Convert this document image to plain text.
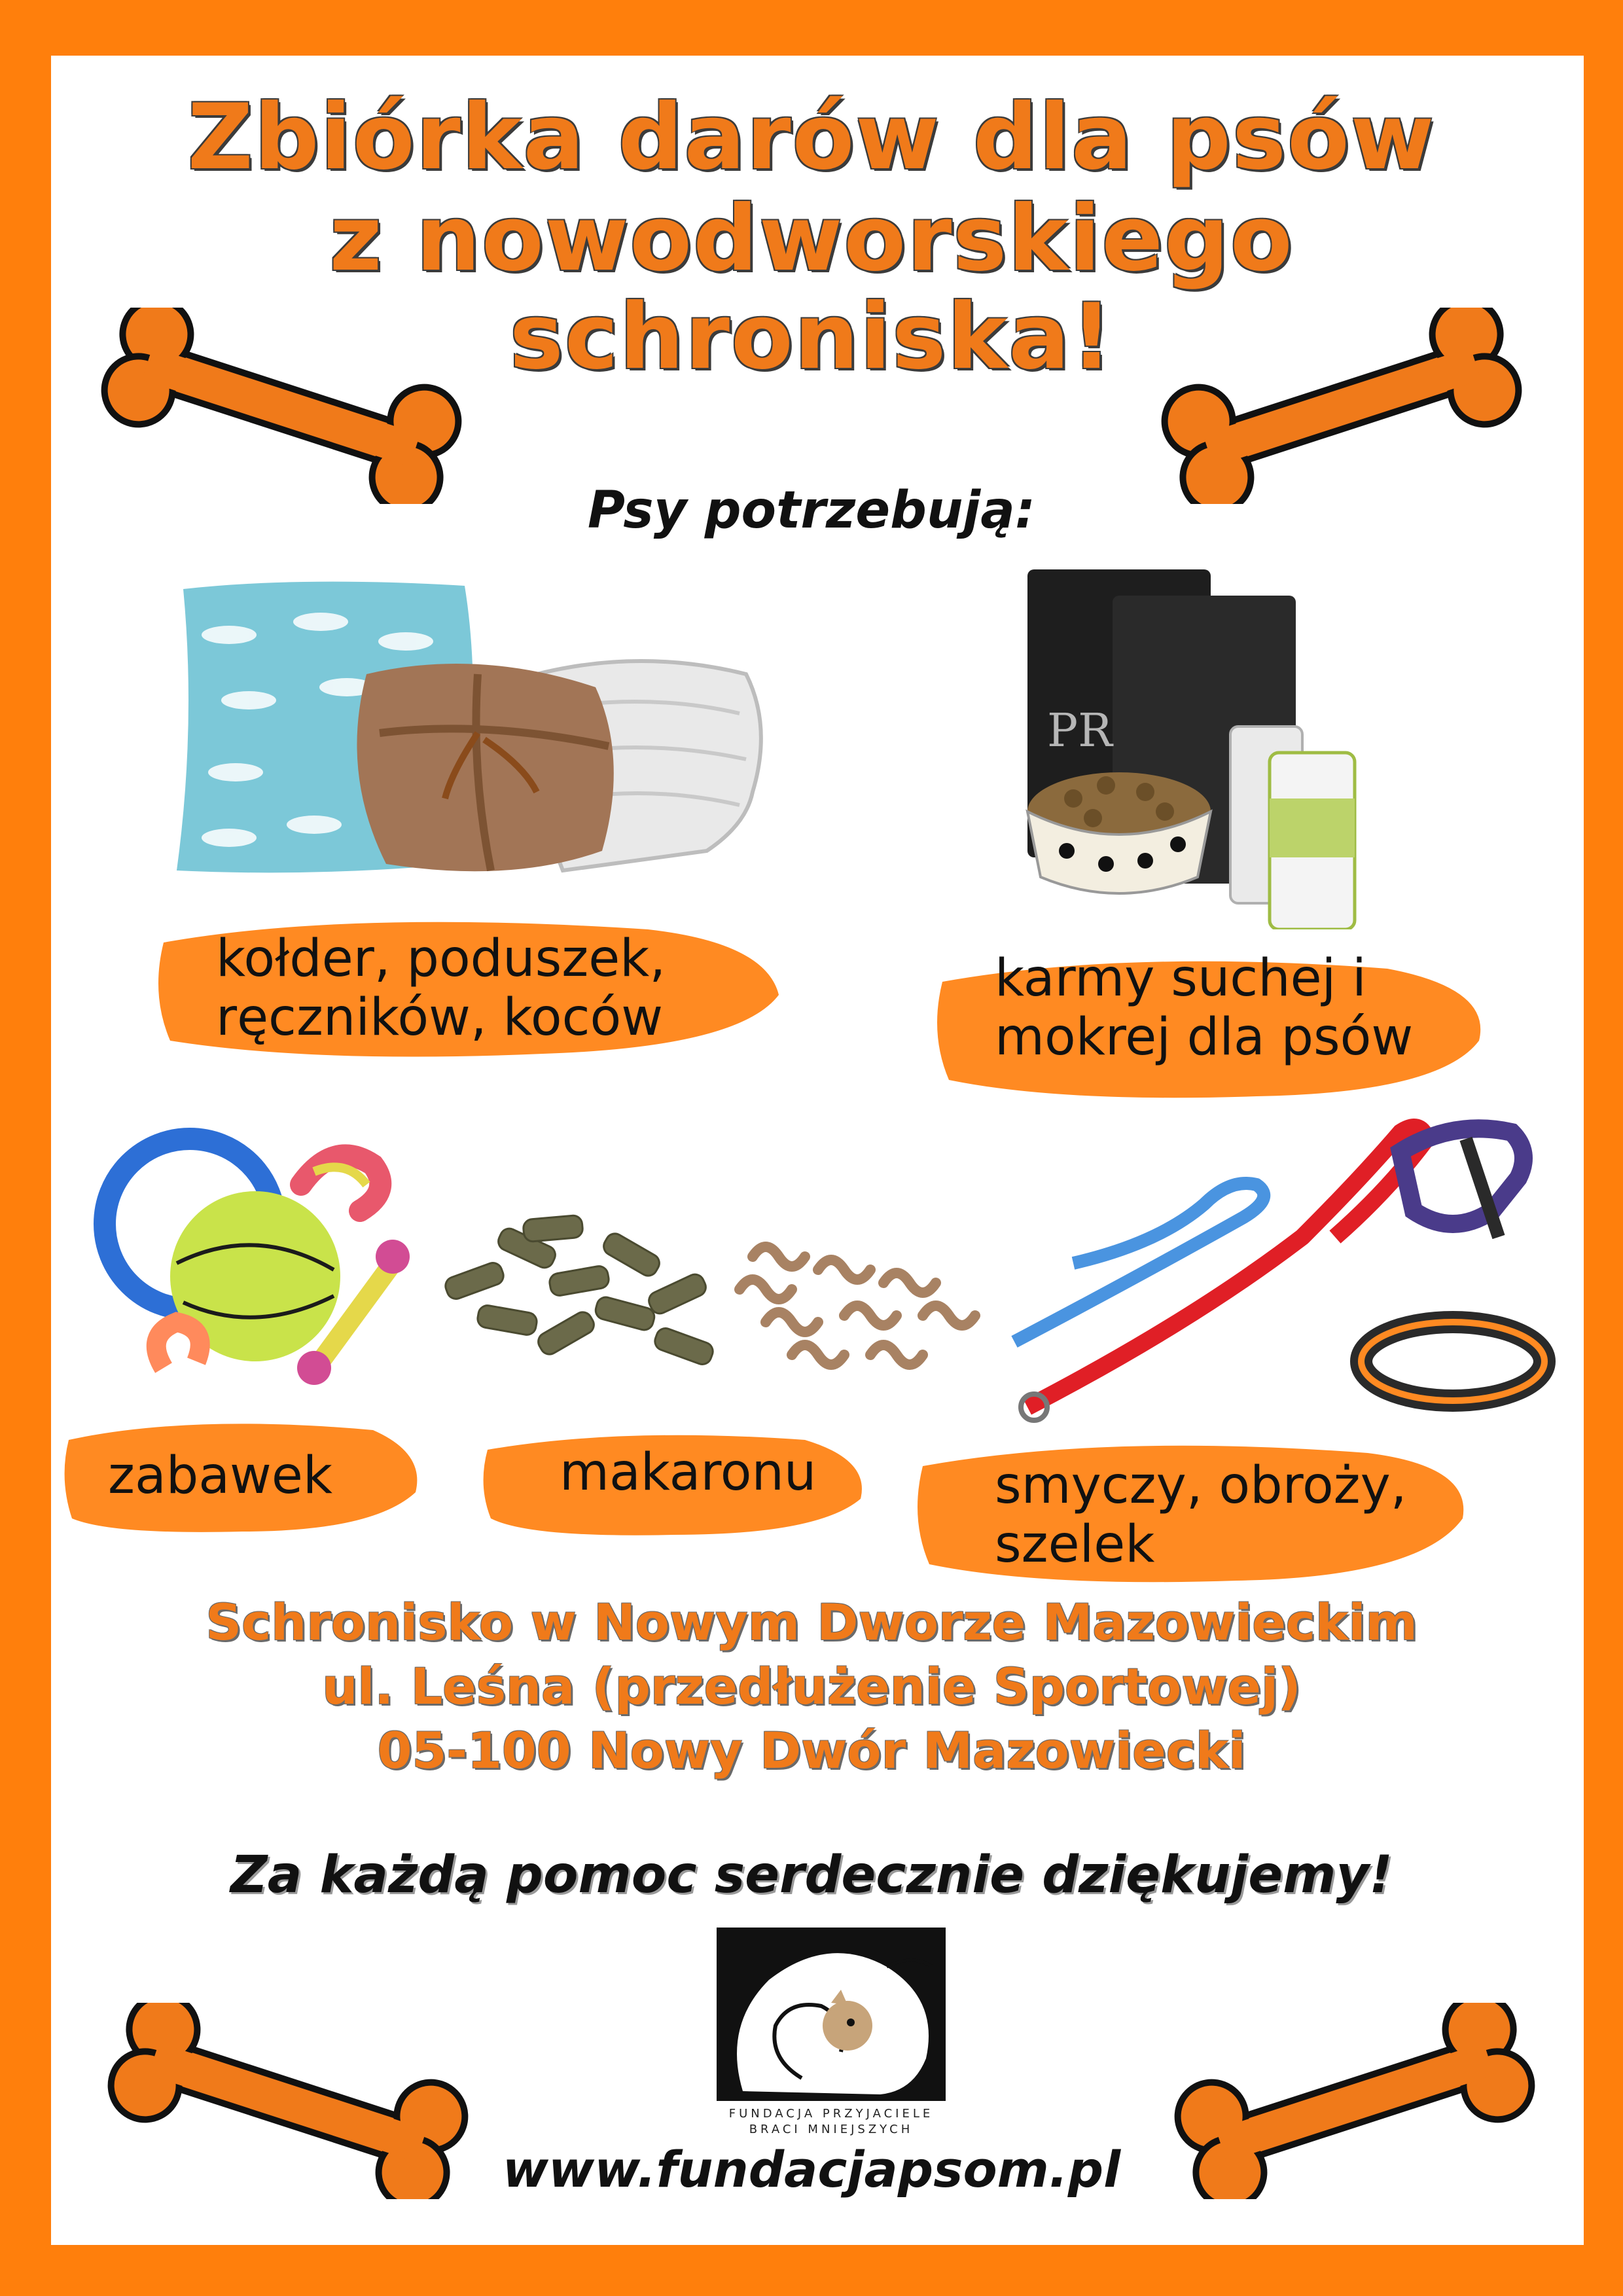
Zbiórka darów dla psów
z nowodworskiego
schroniska!
Psy potrzebują:
PR
kołder, poduszek,
ręczników, koców
karmy suchej i
mokrej dla psów
zabawek	makaronu	smyczy, obroży,
szelek
Schronisko w Nowym Dworze Mazowieckim
ul. Leśna (przedłużenie Sportowej)
05-100 Nowy Dwór Mazowiecki
Za każdą pomoc serdecznie dziękujemy!
FUNDACJA PRZYJACIELE
BRACI MNIEJSZYCH
www.fundacjapsom.pl
